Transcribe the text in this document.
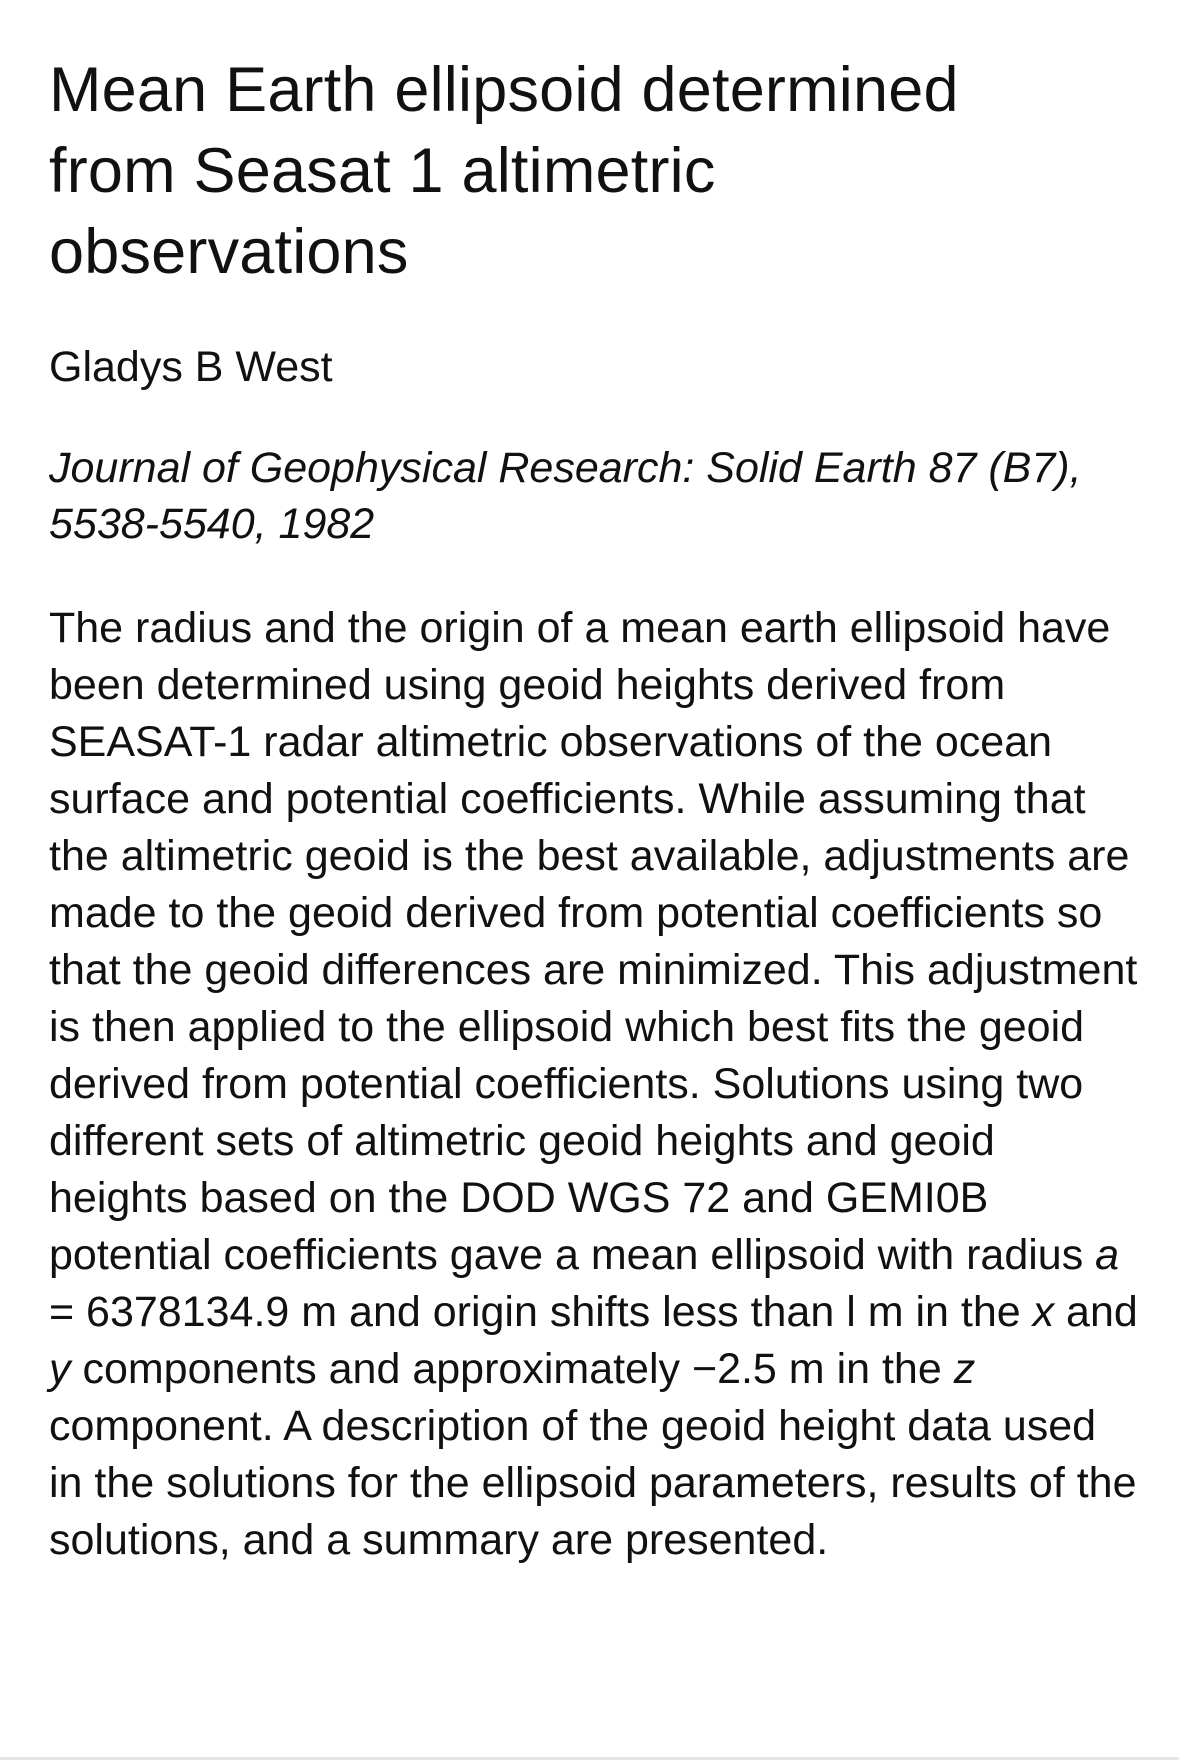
Mean Earth ellipsoid determined from Seasat 1 altimetric observations
Gladys B West
Journal of Geophysical Research: Solid Earth 87 (B7), 5538-5540, 1982
The radius and the origin of a mean earth ellipsoid have been determined using geoid heights derived from SEASAT-1 radar altimetric observations of the ocean surface and potential coefficients. While assuming that the altimetric geoid is the best available, adjustments are made to the geoid derived from potential coefficients so that the geoid differences are minimized. This adjustment is then applied to the ellipsoid which best fits the geoid derived from potential coefficients. Solutions using two different sets of altimetric geoid heights and geoid heights based on the DOD WGS 72 and GEMI0B potential coefficients gave a mean ellipsoid with radius a = 6378134.9 m and origin shifts less than l m in the x and y components and approximately −2.5 m in the z component. A description of the geoid height data used in the solutions for the ellipsoid parameters, results of the solutions, and a summary are presented.
